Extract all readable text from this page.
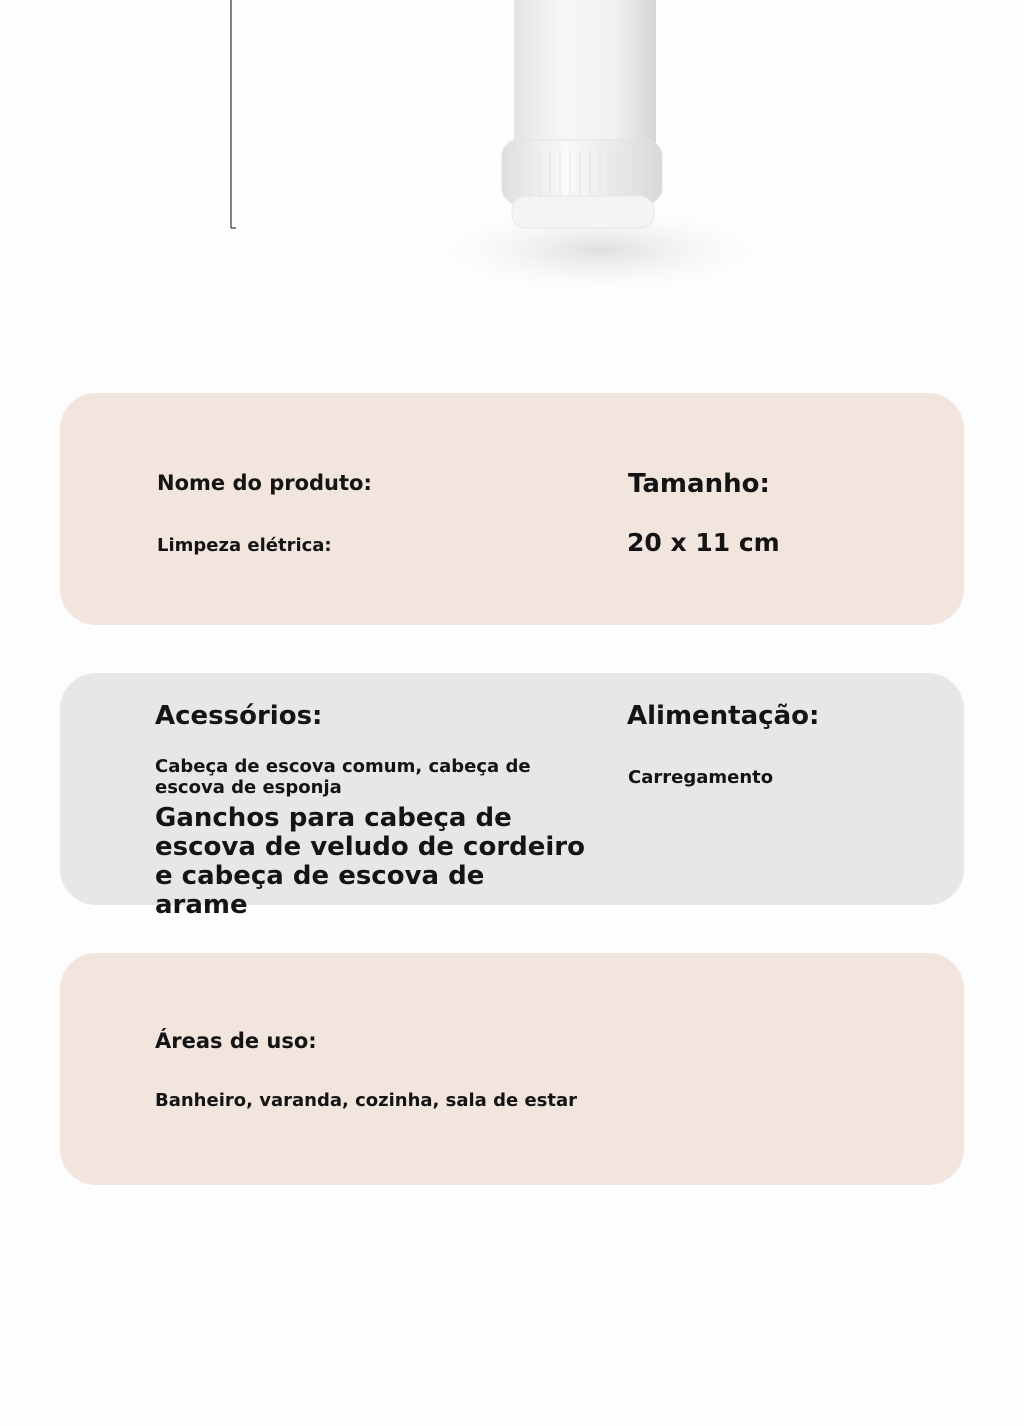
Nome do produto:

Limpeza elétrica:

Tamanho:

20 x 11 cm

Acessórios:

Cabeça de escova comum, cabeça de escova de esponja

Ganchos para cabeça de escova de veludo de cordeiro e cabeça de escova de arame

Alimentação:

Carregamento

Áreas de uso:

Banheiro, varanda, cozinha, sala de estar
